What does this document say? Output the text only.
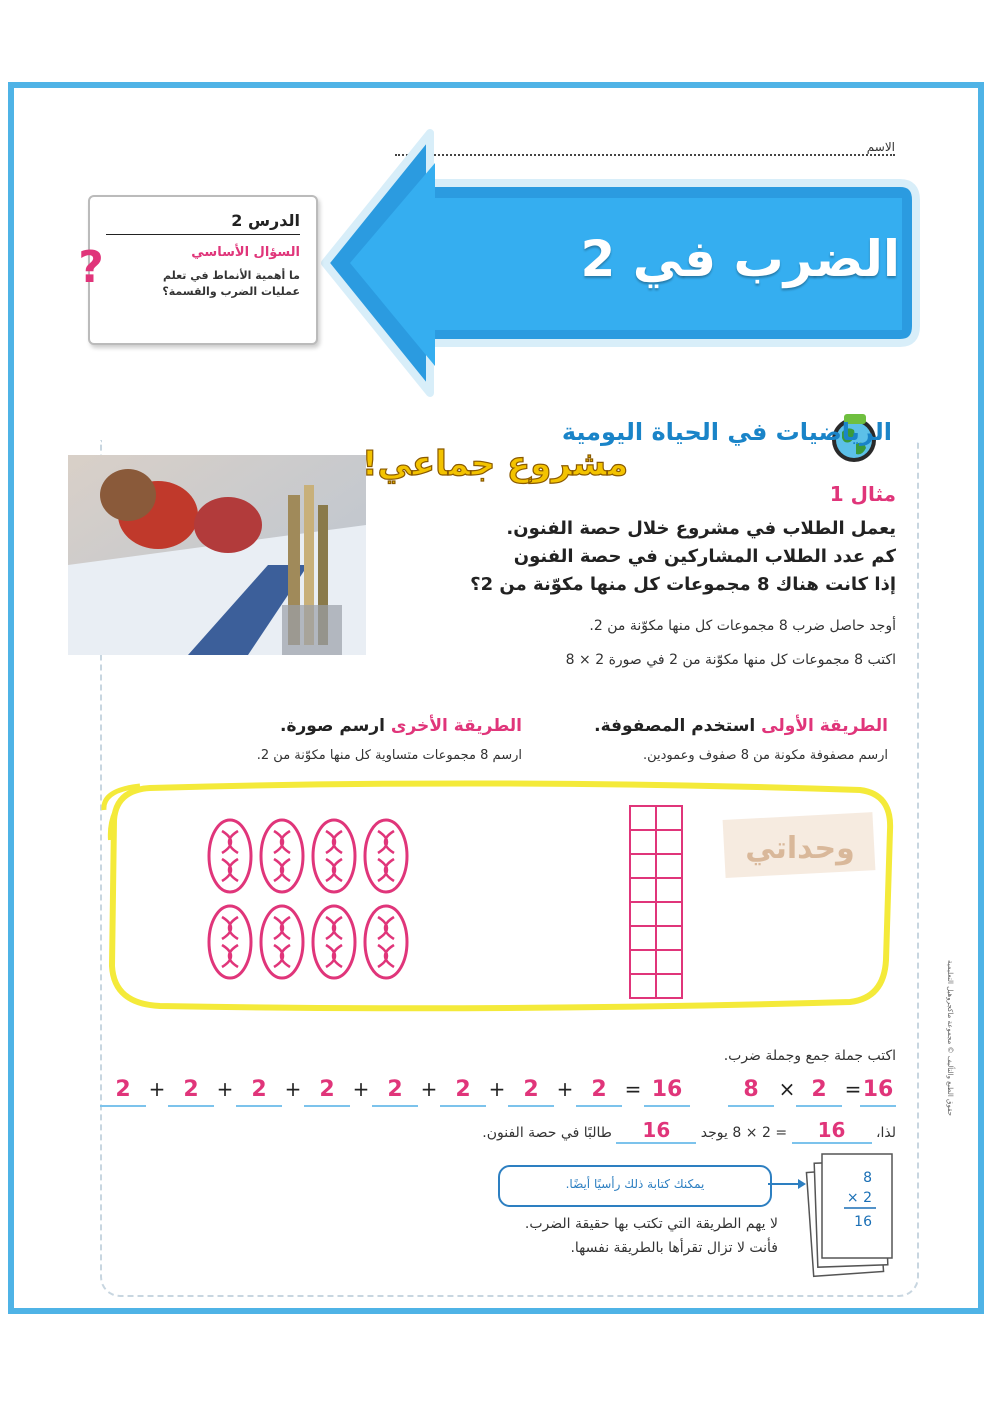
الاسم
الضرب في 2
الدرس 2
السؤال الأساسي
ما أهمية الأنماط في تعلم
عمليات الضرب والقسمة؟
?
الرياضيات في الحياة اليومية
مشروع جماعي!
مثال 1
يعمل الطلاب في مشروع خلال حصة الفنون.
كم عدد الطلاب المشاركين في حصة الفنون
إذا كانت هناك 8 مجموعات كل منها مكوّنة من 2؟
أوجد حاصل ضرب 8 مجموعات كل منها مكوّنة من 2.
اكتب 8 مجموعات كل منها مكوّنة من 2 في صورة 2 × 8
الطريقة الأولى استخدم المصفوفة.
ارسم مصفوفة مكونة من 8 صفوف وعمودين.
الطريقة الأخرى ارسم صورة.
ارسم 8 مجموعات متساوية كل منها مكوّنة من 2.
وحداتي
اكتب جملة جمع وجملة ضرب.
8 × 2 = 16
2 + 2 + 2 + 2 + 2 + 2 + 2 + 2 = 16
لذا، 16 = 2 × 8 يوجد 16 طالبًا في حصة الفنون.
يمكنك كتابة ذلك رأسيًا أيضًا.
لا يهم الطريقة التي تكتب بها حقيقة الضرب.
فأنت لا تزال تقرأها بالطريقة نفسها.
8
× 2
16
حقوق الطبع والتأليف © مجموعة ماكجروهيل التعليمية
